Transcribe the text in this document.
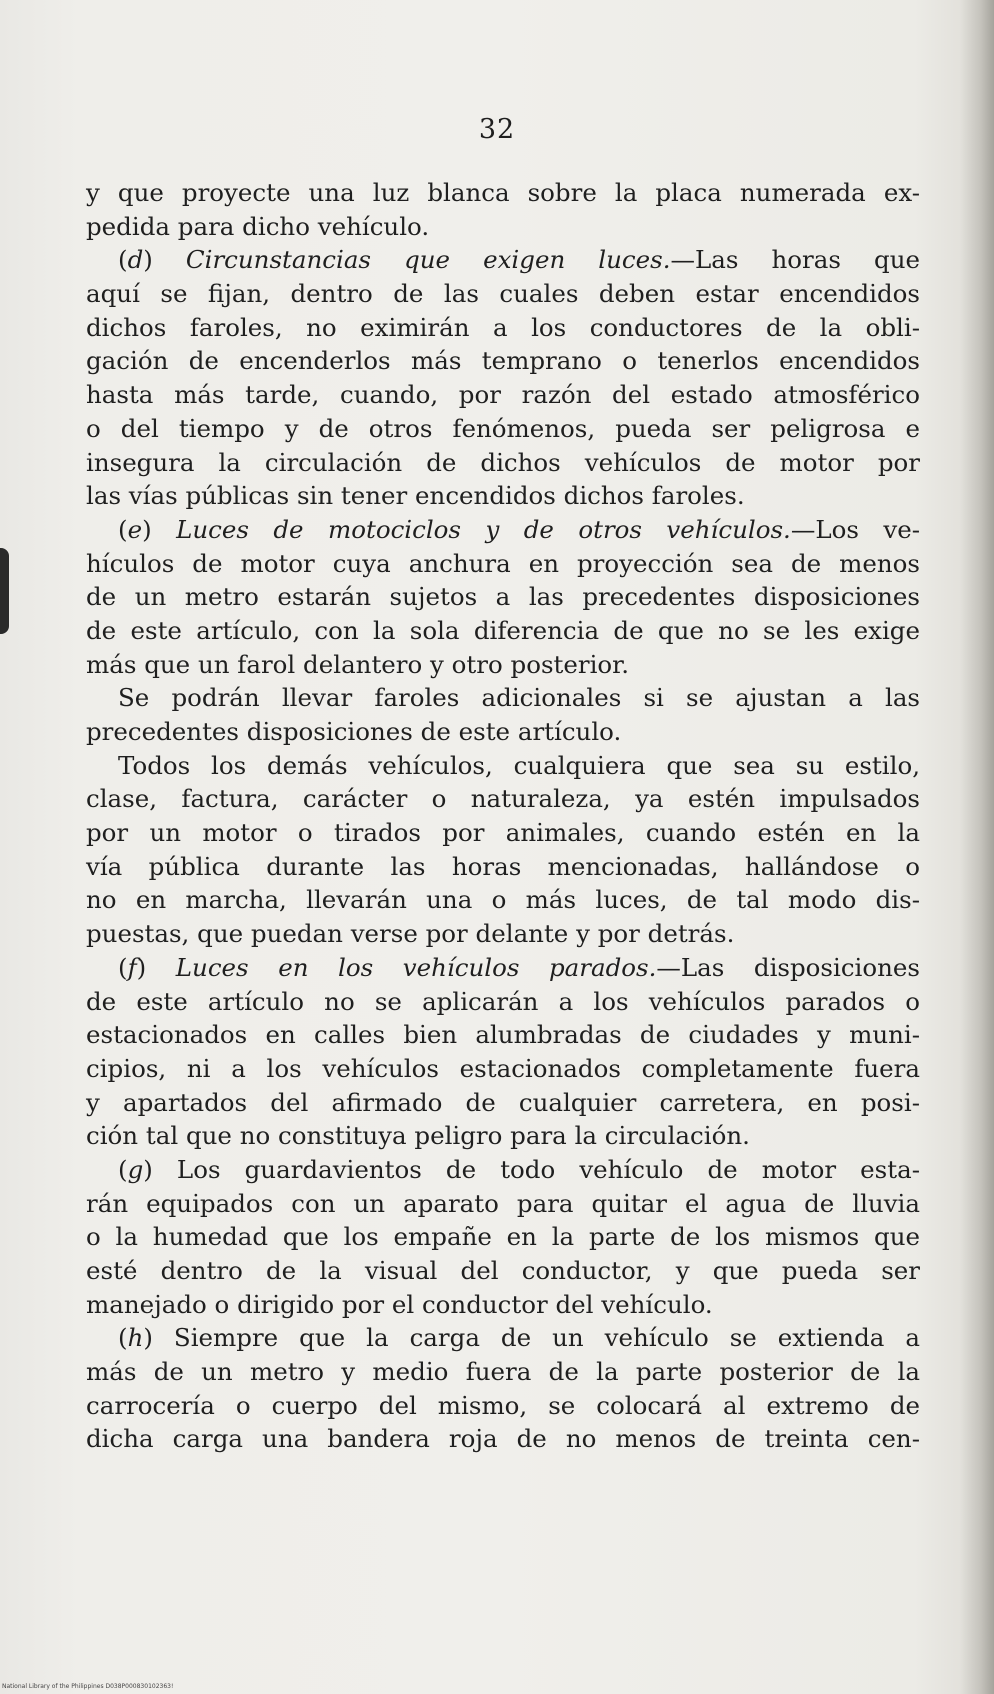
32
y que proyecte una luz blanca sobre la placa numerada ex-
pedida para dicho vehículo.
(d) Circunstancias que exigen luces.—Las horas que
aquí se fijan, dentro de las cuales deben estar encendidos
dichos faroles, no eximirán a los conductores de la obli-
gación de encenderlos más temprano o tenerlos encendidos
hasta más tarde, cuando, por razón del estado atmosférico
o del tiempo y de otros fenómenos, pueda ser peligrosa e
insegura la circulación de dichos vehículos de motor por
las vías públicas sin tener encendidos dichos faroles.
(e) Luces de motociclos y de otros vehículos.—Los ve-
hículos de motor cuya anchura en proyección sea de menos
de un metro estarán sujetos a las precedentes disposiciones
de este artículo, con la sola diferencia de que no se les exige
más que un farol delantero y otro posterior.
Se podrán llevar faroles adicionales si se ajustan a las
precedentes disposiciones de este artículo.
Todos los demás vehículos, cualquiera que sea su estilo,
clase, factura, carácter o naturaleza, ya estén impulsados
por un motor o tirados por animales, cuando estén en la
vía pública durante las horas mencionadas, hallándose o
no en marcha, llevarán una o más luces, de tal modo dis-
puestas, que puedan verse por delante y por detrás.
(f) Luces en los vehículos parados.—Las disposiciones
de este artículo no se aplicarán a los vehículos parados o
estacionados en calles bien alumbradas de ciudades y muni-
cipios, ni a los vehículos estacionados completamente fuera
y apartados del afirmado de cualquier carretera, en posi-
ción tal que no constituya peligro para la circulación.
(g) Los guardavientos de todo vehículo de motor esta-
rán equipados con un aparato para quitar el agua de lluvia
o la humedad que los empañe en la parte de los mismos que
esté dentro de la visual del conductor, y que pueda ser
manejado o dirigido por el conductor del vehículo.
(h) Siempre que la carga de un vehículo se extienda a
más de un metro y medio fuera de la parte posterior de la
carrocería o cuerpo del mismo, se colocará al extremo de
dicha carga una bandera roja de no menos de treinta cen-
National Library of the Philippines D038P000830102363!
